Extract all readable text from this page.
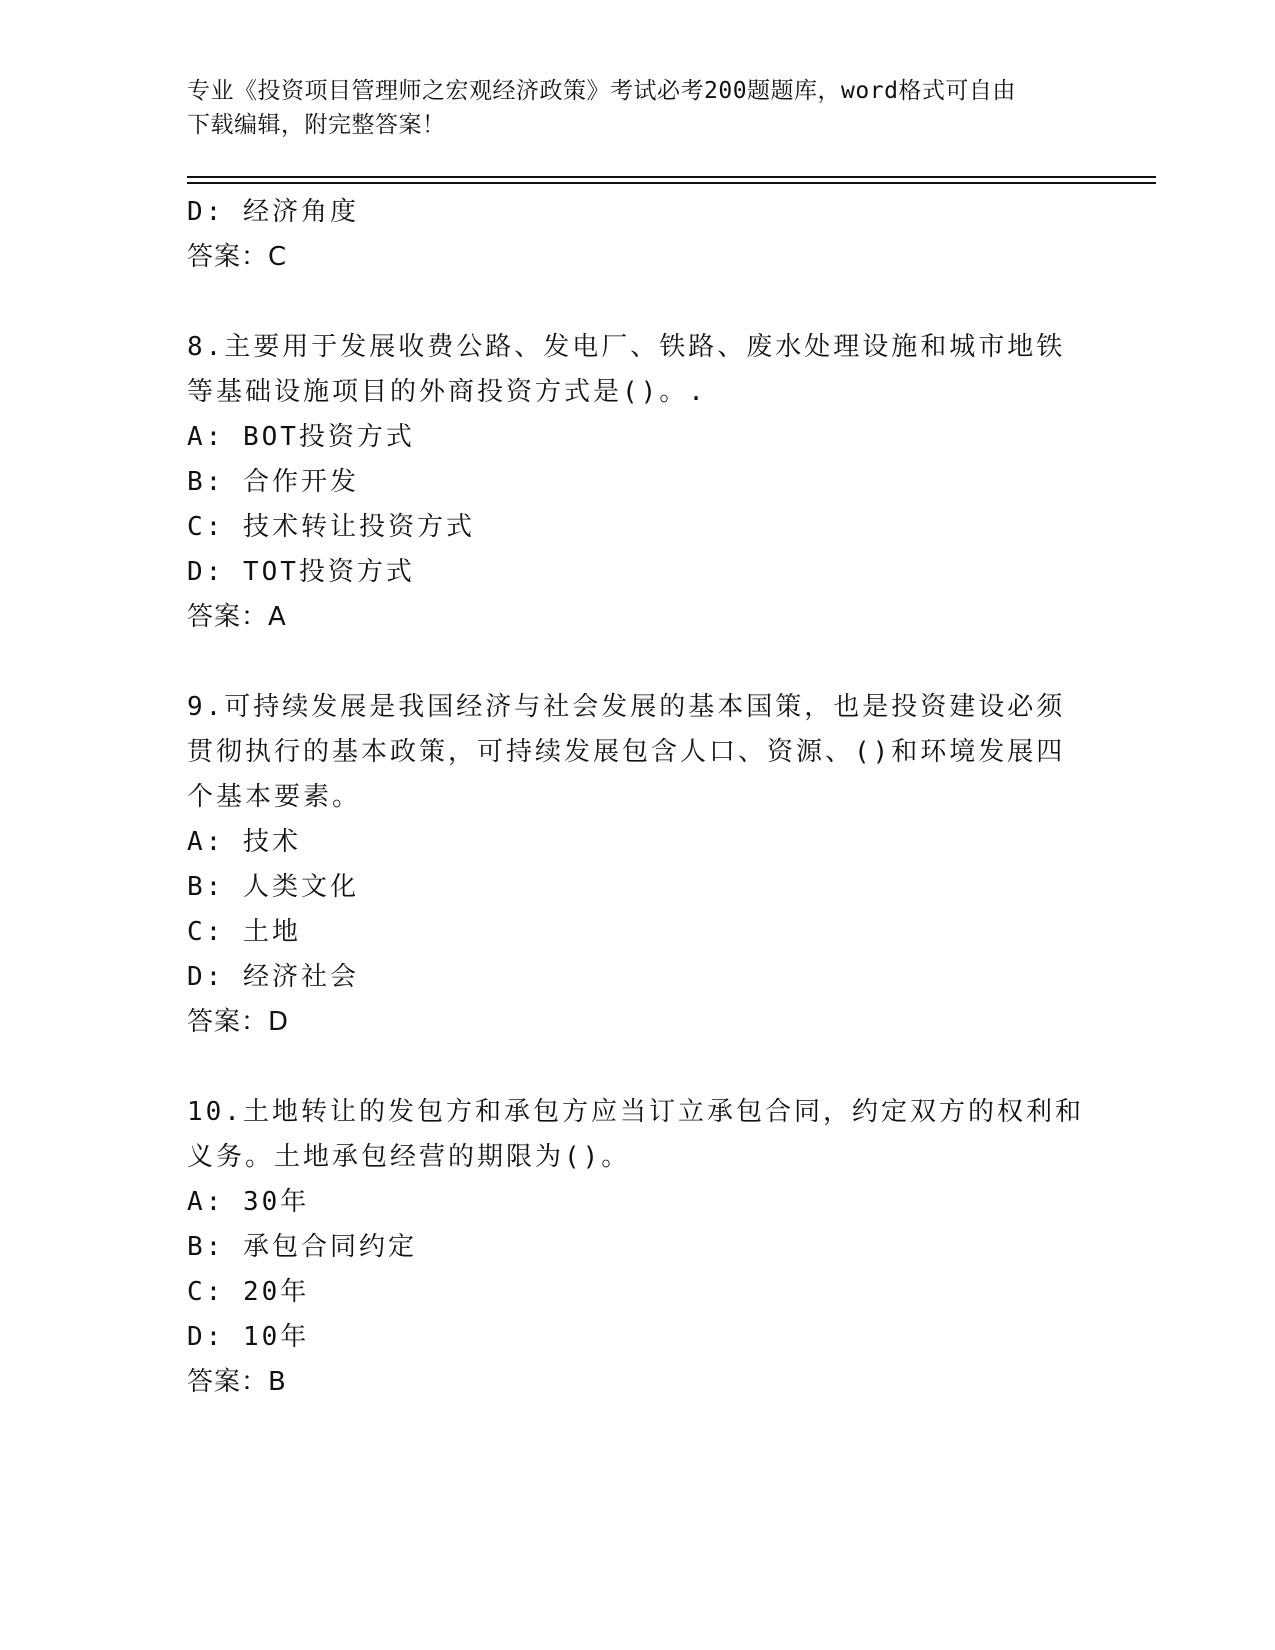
专业《投资项目管理师之宏观经济政策》考试必考200题题库，word格式可自由
下载编辑，附完整答案！
D: 经济角度
答案：C
8.主要用于发展收费公路、发电厂、铁路、废水处理设施和城市地铁
等基础设施项目的外商投资方式是()。.
A: BOT投资方式
B: 合作开发
C: 技术转让投资方式
D: TOT投资方式
答案：A
9.可持续发展是我国经济与社会发展的基本国策，也是投资建设必须
贯彻执行的基本政策，可持续发展包含人口、资源、()和环境发展四
个基本要素。
A: 技术
B: 人类文化
C: 土地
D: 经济社会
答案：D
10.土地转让的发包方和承包方应当订立承包合同，约定双方的权利和
义务。土地承包经营的期限为()。
A: 30年
B: 承包合同约定
C: 20年
D: 10年
答案：B
